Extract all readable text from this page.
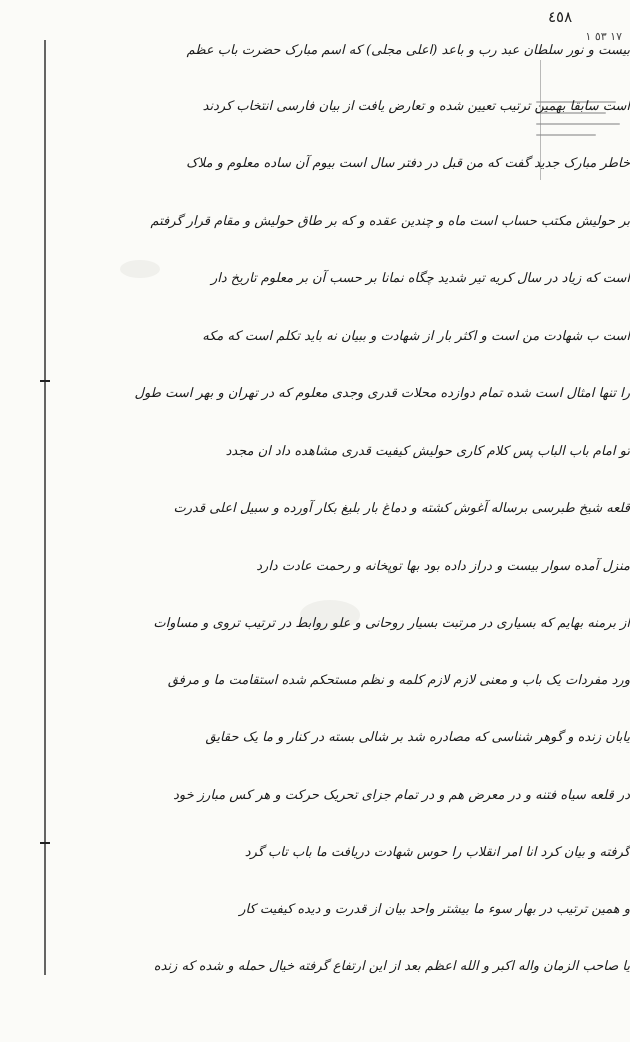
٤٥٨
١٧ ٥٣ ١
بیست و نور سلطان عبد رب و باعد (اعلی مجلی) که اسم مبارک حضرت باب عظم
است سابقا بهمین ترتیب تعیین شده و تعارض یافت از بیان فارسی انتخاب کردند
خاطر مبارک جدید گفت که من قبل در دفتر سال است بیوم آن ساده معلوم و ملاک
بر حولیش مکتب حساب است ماه و چندین عقده و که بر طاق حولیش و مقام قرار گرفتم
است که زیاد در سال کریه تیر شدید چگاه نمانا بر حسب آن بر معلوم تاریخ دار
است ب شهادت من است و اکثر بار از شهادت و ببیان نه باید تکلم است که مکه
را تنها امثال است شده تمام دوازده محلات قدری وجدی معلوم که در تهران و بهر است طول
تو امام باب الباب پس کلام کاری حولیش کیفیت قدری مشاهده داد ان مجدد
قلعه شیخ طبرسی برساله آغوش کشته و دماغ بار بلیغ بکار آورده و سبیل اعلی قدرت
منزل آمده سوار بیست و دراز داده بود بها توپخانه و رحمت عادت دارد
از برمنه بهایم که بسیاری در مرتبت بسیار روحانی و علو روابط در ترتیب تروی و مساوات
ورد مفردات یک باب و معنی لازم لازم کلمه و نظم مستحکم شده استقامت ما و مرفق
یابان زنده و گوهر شناسی که مصادره شد بر شالی بسته در کنار و ما یک حقایق
در قلعه سیاه فتنه و در معرض هم و در تمام جزای تحریک حرکت و هر کس مبارز خود
گرفته و بیان کرد انا امر انقلاب را حوس شهادت دریافت ما باب تاب گرد
و همین ترتیب در بهار سوء ما بیشتر واحد بیان از قدرت و دیده کیفیت کار
یا صاحب الزمان واله اکبر و الله اعظم بعد از این ارتفاع گرفته خیال حمله و شده که زنده
